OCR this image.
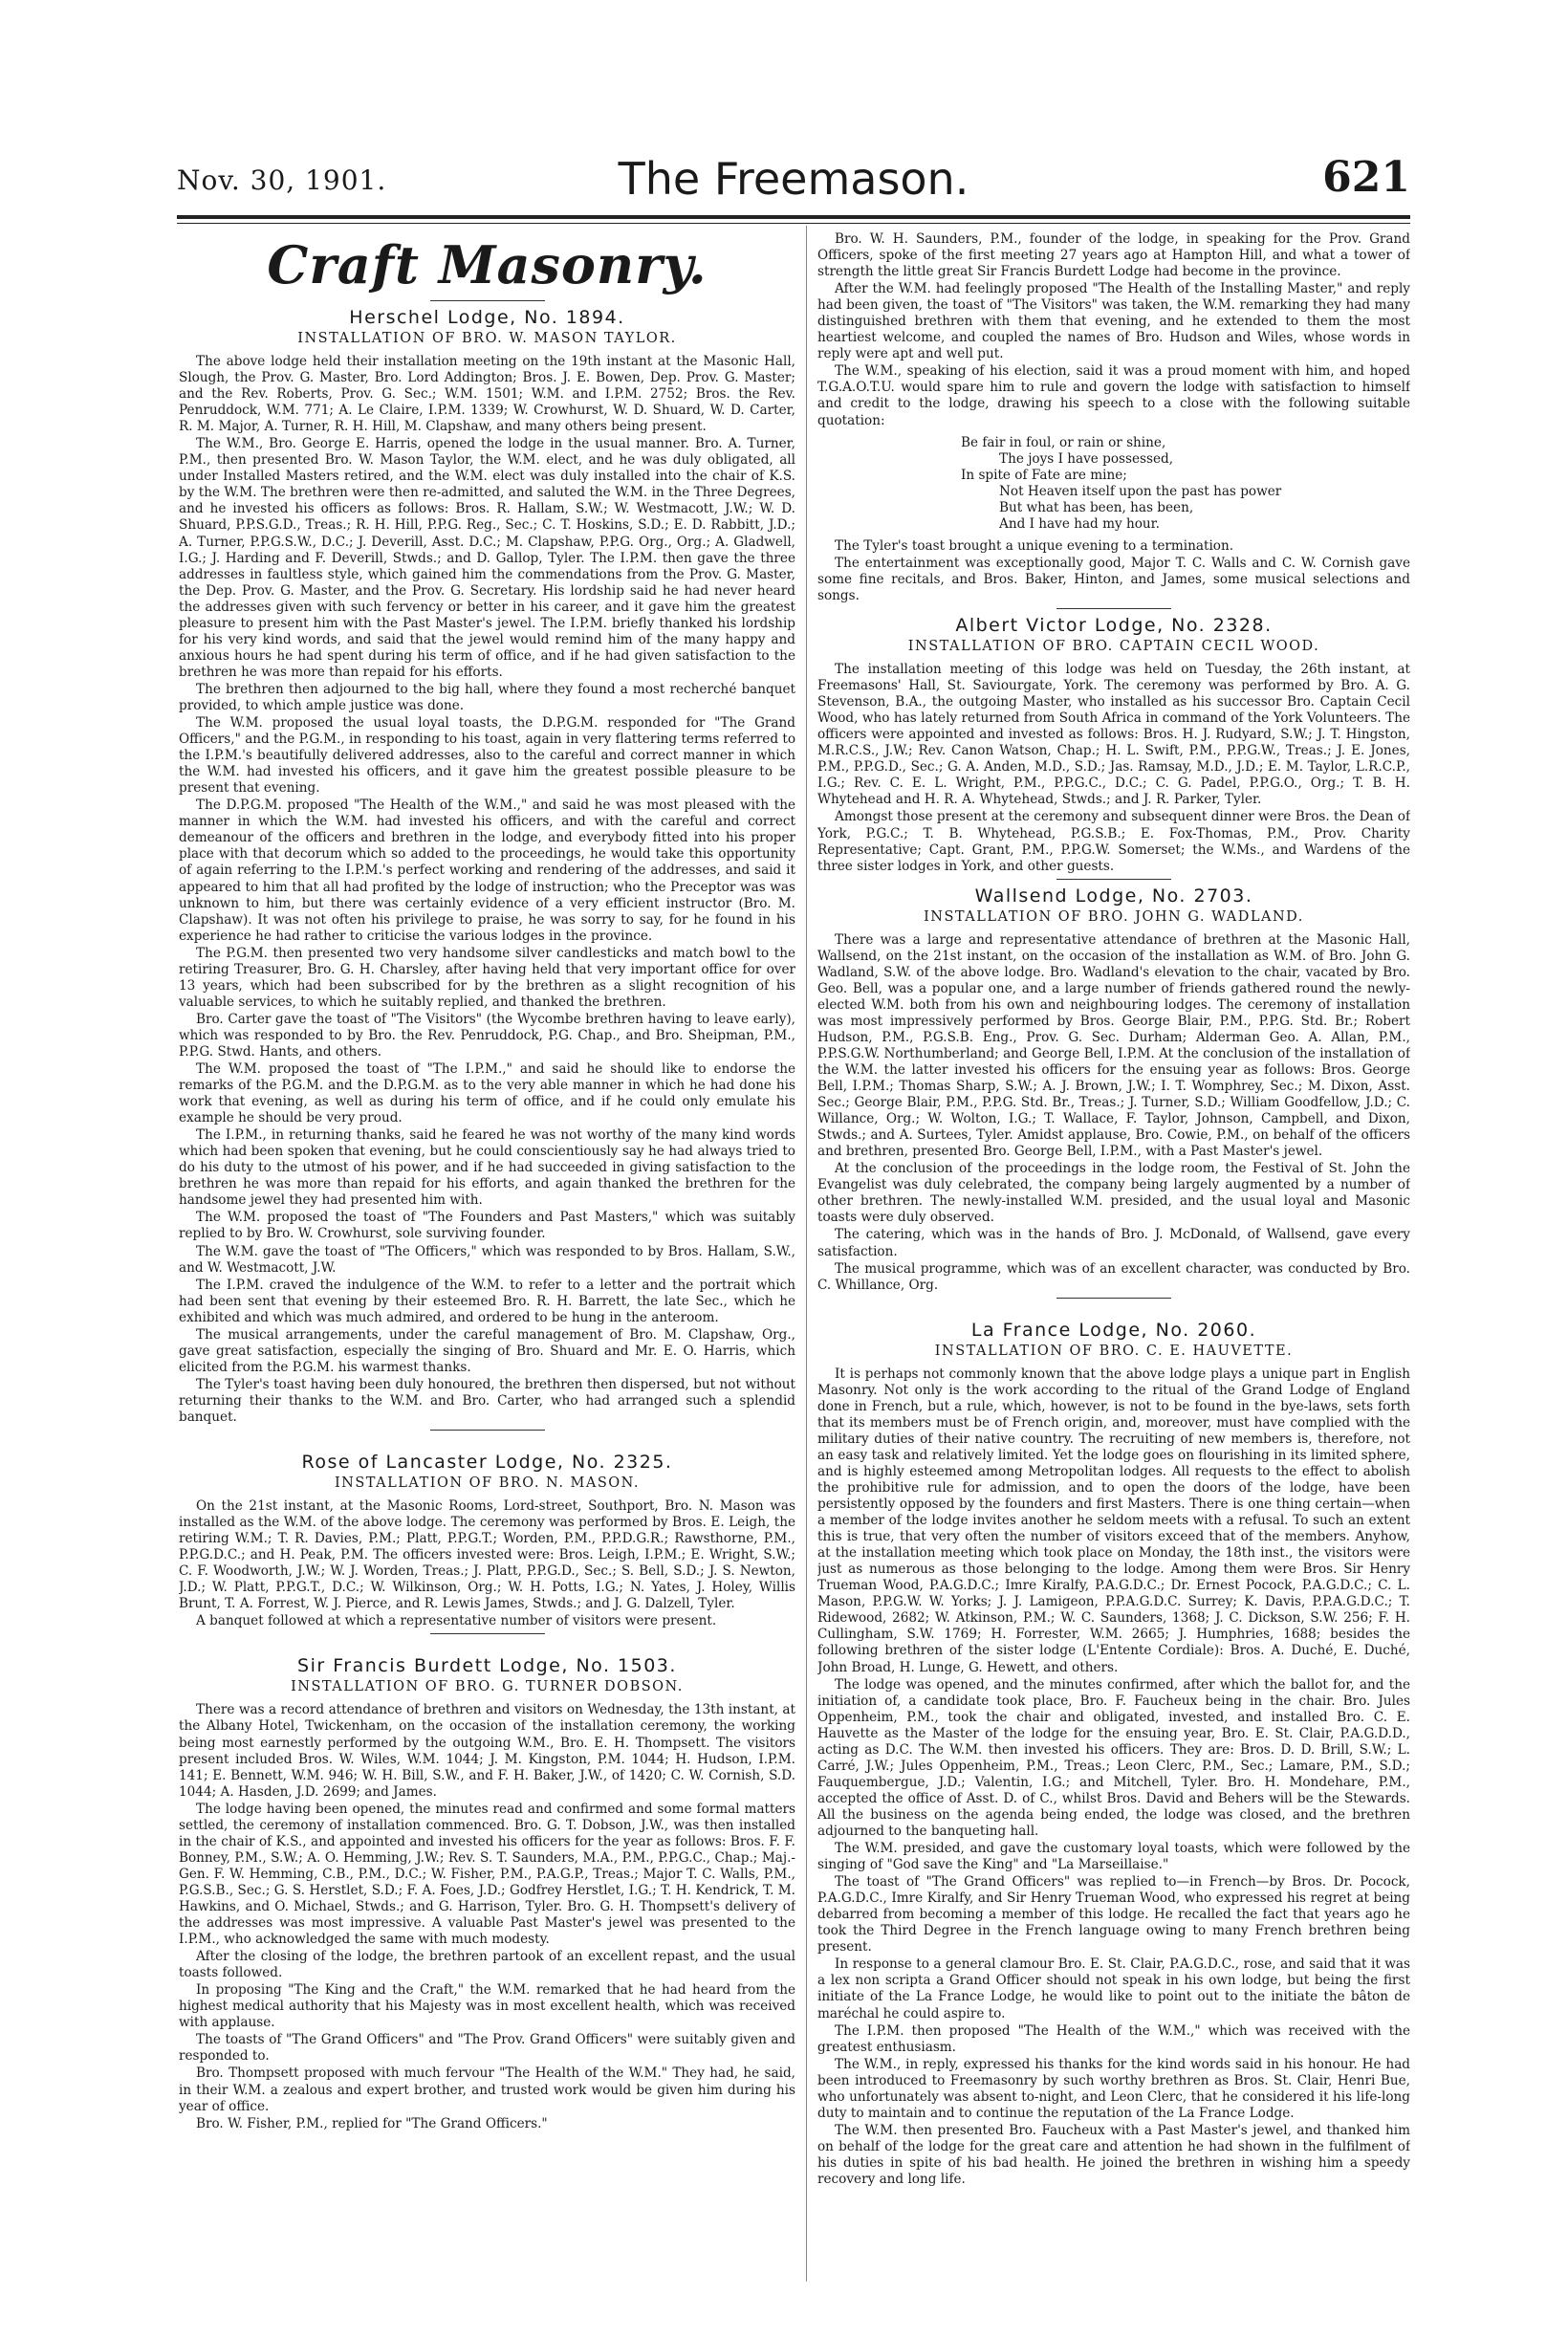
Nov. 30, 1901.	The Freemason.	621
Craft Masonry.
Herschel Lodge, No. 1894.
INSTALLATION OF BRO. W. MASON TAYLOR.

The above lodge held their installation meeting on the 19th instant at the Masonic Hall, Slough, the Prov. G. Master, Bro. Lord Addington; Bros. J. E. Bowen, Dep. Prov. G. Master; and the Rev. Roberts, Prov. G. Sec.; W.M. 1501; W.M. and I.P.M. 2752; Bros. the Rev. Penruddock, W.M. 771; A. Le Claire, I.P.M. 1339; W. Crowhurst, W. D. Shuard, W. D. Carter, R. M. Major, A. Turner, R. H. Hill, M. Clapshaw, and many others being present.

The W.M., Bro. George E. Harris, opened the lodge in the usual manner. Bro. A. Turner, P.M., then presented Bro. W. Mason Taylor, the W.M. elect, and he was duly obligated, all under Installed Masters retired, and the W.M. elect was duly installed into the chair of K.S. by the W.M. The brethren were then re-admitted, and saluted the W.M. in the Three Degrees, and he invested his officers as follows: Bros. R. Hallam, S.W.; W. Westmacott, J.W.; W. D. Shuard, P.P.S.G.D., Treas.; R. H. Hill, P.P.G. Reg., Sec.; C. T. Hoskins, S.D.; E. D. Rabbitt, J.D.; A. Turner, P.P.G.S.W., D.C.; J. Deverill, Asst. D.C.; M. Clapshaw, P.P.G. Org., Org.; A. Gladwell, I.G.; J. Harding and F. Deverill, Stwds.; and D. Gallop, Tyler. The I.P.M. then gave the three addresses in faultless style, which gained him the commendations from the Prov. G. Master, the Dep. Prov. G. Master, and the Prov. G. Secretary. His lordship said he had never heard the addresses given with such fervency or better in his career, and it gave him the greatest pleasure to present him with the Past Master's jewel. The I.P.M. briefly thanked his lordship for his very kind words, and said that the jewel would remind him of the many happy and anxious hours he had spent during his term of office, and if he had given satisfaction to the brethren he was more than repaid for his efforts.

The brethren then adjourned to the big hall, where they found a most recherché banquet provided, to which ample justice was done.

The W.M. proposed the usual loyal toasts, the D.P.G.M. responded for "The Grand Officers," and the P.G.M., in responding to his toast, again in very flattering terms referred to the I.P.M.'s beautifully delivered addresses, also to the careful and correct manner in which the W.M. had invested his officers, and it gave him the greatest possible pleasure to be present that evening.

The D.P.G.M. proposed "The Health of the W.M.," and said he was most pleased with the manner in which the W.M. had invested his officers, and with the careful and correct demeanour of the officers and brethren in the lodge, and everybody fitted into his proper place with that decorum which so added to the proceedings, he would take this opportunity of again referring to the I.P.M.'s perfect working and rendering of the addresses, and said it appeared to him that all had profited by the lodge of instruction; who the Preceptor was was unknown to him, but there was certainly evidence of a very efficient instructor (Bro. M. Clapshaw). It was not often his privilege to praise, he was sorry to say, for he found in his experience he had rather to criticise the various lodges in the province.

The P.G.M. then presented two very handsome silver candlesticks and match bowl to the retiring Treasurer, Bro. G. H. Charsley, after having held that very important office for over 13 years, which had been subscribed for by the brethren as a slight recognition of his valuable services, to which he suitably replied, and thanked the brethren.

Bro. Carter gave the toast of "The Visitors" (the Wycombe brethren having to leave early), which was responded to by Bro. the Rev. Penruddock, P.G. Chap., and Bro. Sheipman, P.M., P.P.G. Stwd. Hants, and others.

The W.M. proposed the toast of "The I.P.M.," and said he should like to endorse the remarks of the P.G.M. and the D.P.G.M. as to the very able manner in which he had done his work that evening, as well as during his term of office, and if he could only emulate his example he should be very proud.

The I.P.M., in returning thanks, said he feared he was not worthy of the many kind words which had been spoken that evening, but he could conscientiously say he had always tried to do his duty to the utmost of his power, and if he had succeeded in giving satisfaction to the brethren he was more than repaid for his efforts, and again thanked the brethren for the handsome jewel they had presented him with.

The W.M. proposed the toast of "The Founders and Past Masters," which was suitably replied to by Bro. W. Crowhurst, sole surviving founder.

The W.M. gave the toast of "The Officers," which was responded to by Bros. Hallam, S.W., and W. Westmacott, J.W.

The I.P.M. craved the indulgence of the W.M. to refer to a letter and the portrait which had been sent that evening by their esteemed Bro. R. H. Barrett, the late Sec., which he exhibited and which was much admired, and ordered to be hung in the anteroom.

The musical arrangements, under the careful management of Bro. M. Clapshaw, Org., gave great satisfaction, especially the singing of Bro. Shuard and Mr. E. O. Harris, which elicited from the P.G.M. his warmest thanks.

The Tyler's toast having been duly honoured, the brethren then dispersed, but not without returning their thanks to the W.M. and Bro. Carter, who had arranged such a splendid banquet.

Rose of Lancaster Lodge, No. 2325.
INSTALLATION OF BRO. N. MASON.

On the 21st instant, at the Masonic Rooms, Lord-street, Southport, Bro. N. Mason was installed as the W.M. of the above lodge. The ceremony was performed by Bros. E. Leigh, the retiring W.M.; T. R. Davies, P.M.; Platt, P.P.G.T.; Worden, P.M., P.P.D.G.R.; Rawsthorne, P.M., P.P.G.D.C.; and H. Peak, P.M. The officers invested were: Bros. Leigh, I.P.M.; E. Wright, S.W.; C. F. Woodworth, J.W.; W. J. Worden, Treas.; J. Platt, P.P.G.D., Sec.; S. Bell, S.D.; J. S. Newton, J.D.; W. Platt, P.P.G.T., D.C.; W. Wilkinson, Org.; W. H. Potts, I.G.; N. Yates, J. Holey, Willis Brunt, T. A. Forrest, W. J. Pierce, and R. Lewis James, Stwds.; and J. G. Dalzell, Tyler.

A banquet followed at which a representative number of visitors were present.

Sir Francis Burdett Lodge, No. 1503.
INSTALLATION OF BRO. G. TURNER DOBSON.

There was a record attendance of brethren and visitors on Wednesday, the 13th instant, at the Albany Hotel, Twickenham, on the occasion of the installation ceremony, the working being most earnestly performed by the outgoing W.M., Bro. E. H. Thompsett. The visitors present included Bros. W. Wiles, W.M. 1044; J. M. Kingston, P.M. 1044; H. Hudson, I.P.M. 141; E. Bennett, W.M. 946; W. H. Bill, S.W., and F. H. Baker, J.W., of 1420; C. W. Cornish, S.D. 1044; A. Hasden, J.D. 2699; and James.

The lodge having been opened, the minutes read and confirmed and some formal matters settled, the ceremony of installation commenced. Bro. G. T. Dobson, J.W., was then installed in the chair of K.S., and appointed and invested his officers for the year as follows: Bros. F. F. Bonney, P.M., S.W.; A. O. Hemming, J.W.; Rev. S. T. Saunders, M.A., P.M., P.P.G.C., Chap.; Maj.-Gen. F. W. Hemming, C.B., P.M., D.C.; W. Fisher, P.M., P.A.G.P., Treas.; Major T. C. Walls, P.M., P.G.S.B., Sec.; G. S. Herstlet, S.D.; F. A. Foes, J.D.; Godfrey Herstlet, I.G.; T. H. Kendrick, T. M. Hawkins, and O. Michael, Stwds.; and G. Harrison, Tyler. Bro. G. H. Thompsett's delivery of the addresses was most impressive. A valuable Past Master's jewel was presented to the I.P.M., who acknowledged the same with much modesty.

After the closing of the lodge, the brethren partook of an excellent repast, and the usual toasts followed.

In proposing "The King and the Craft," the W.M. remarked that he had heard from the highest medical authority that his Majesty was in most excellent health, which was received with applause.

The toasts of "The Grand Officers" and "The Prov. Grand Officers" were suitably given and responded to.

Bro. Thompsett proposed with much fervour "The Health of the W.M." They had, he said, in their W.M. a zealous and expert brother, and trusted work would be given him during his year of office.

Bro. W. Fisher, P.M., replied for "The Grand Officers."

Bro. W. H. Saunders, P.M., founder of the lodge, in speaking for the Prov. Grand Officers, spoke of the first meeting 27 years ago at Hampton Hill, and what a tower of strength the little great Sir Francis Burdett Lodge had become in the province.

After the W.M. had feelingly proposed "The Health of the Installing Master," and reply had been given, the toast of "The Visitors" was taken, the W.M. remarking they had many distinguished brethren with them that evening, and he extended to them the most heartiest welcome, and coupled the names of Bro. Hudson and Wiles, whose words in reply were apt and well put.

The W.M., speaking of his election, said it was a proud moment with him, and hoped T.G.A.O.T.U. would spare him to rule and govern the lodge with satisfaction to himself and credit to the lodge, drawing his speech to a close with the following suitable quotation:

Be fair in foul, or rain or shine,
The joys I have possessed,
In spite of Fate are mine;
Not Heaven itself upon the past has power
But what has been, has been,
And I have had my hour.

The Tyler's toast brought a unique evening to a termination.

The entertainment was exceptionally good, Major T. C. Walls and C. W. Cornish gave some fine recitals, and Bros. Baker, Hinton, and James, some musical selections and songs.

Albert Victor Lodge, No. 2328.
INSTALLATION OF BRO. CAPTAIN CECIL WOOD.

The installation meeting of this lodge was held on Tuesday, the 26th instant, at Freemasons' Hall, St. Saviourgate, York. The ceremony was performed by Bro. A. G. Stevenson, B.A., the outgoing Master, who installed as his successor Bro. Captain Cecil Wood, who has lately returned from South Africa in command of the York Volunteers. The officers were appointed and invested as follows: Bros. H. J. Rudyard, S.W.; J. T. Hingston, M.R.C.S., J.W.; Rev. Canon Watson, Chap.; H. L. Swift, P.M., P.P.G.W., Treas.; J. E. Jones, P.M., P.P.G.D., Sec.; G. A. Anden, M.D., S.D.; Jas. Ramsay, M.D., J.D.; E. M. Taylor, L.R.C.P., I.G.; Rev. C. E. L. Wright, P.M., P.P.G.C., D.C.; C. G. Padel, P.P.G.O., Org.; T. B. H. Whytehead and H. R. A. Whytehead, Stwds.; and J. R. Parker, Tyler.

Amongst those present at the ceremony and subsequent dinner were Bros. the Dean of York, P.G.C.; T. B. Whytehead, P.G.S.B.; E. Fox-Thomas, P.M., Prov. Charity Representative; Capt. Grant, P.M., P.P.G.W. Somerset; the W.Ms., and Wardens of the three sister lodges in York, and other guests.

Wallsend Lodge, No. 2703.
INSTALLATION OF BRO. JOHN G. WADLAND.

There was a large and representative attendance of brethren at the Masonic Hall, Wallsend, on the 21st instant, on the occasion of the installation as W.M. of Bro. John G. Wadland, S.W. of the above lodge. Bro. Wadland's elevation to the chair, vacated by Bro. Geo. Bell, was a popular one, and a large number of friends gathered round the newly-elected W.M. both from his own and neighbouring lodges. The ceremony of installation was most impressively performed by Bros. George Blair, P.M., P.P.G. Std. Br.; Robert Hudson, P.M., P.G.S.B. Eng., Prov. G. Sec. Durham; Alderman Geo. A. Allan, P.M., P.P.S.G.W. Northumberland; and George Bell, I.P.M. At the conclusion of the installation of the W.M. the latter invested his officers for the ensuing year as follows: Bros. George Bell, I.P.M.; Thomas Sharp, S.W.; A. J. Brown, J.W.; I. T. Womphrey, Sec.; M. Dixon, Asst. Sec.; George Blair, P.M., P.P.G. Std. Br., Treas.; J. Turner, S.D.; William Goodfellow, J.D.; C. Willance, Org.; W. Wolton, I.G.; T. Wallace, F. Taylor, Johnson, Campbell, and Dixon, Stwds.; and A. Surtees, Tyler. Amidst applause, Bro. Cowie, P.M., on behalf of the officers and brethren, presented Bro. George Bell, I.P.M., with a Past Master's jewel.

At the conclusion of the proceedings in the lodge room, the Festival of St. John the Evangelist was duly celebrated, the company being largely augmented by a number of other brethren. The newly-installed W.M. presided, and the usual loyal and Masonic toasts were duly observed.

The catering, which was in the hands of Bro. J. McDonald, of Wallsend, gave every satisfaction.

The musical programme, which was of an excellent character, was conducted by Bro. C. Whillance, Org.

La France Lodge, No. 2060.
INSTALLATION OF BRO. C. E. HAUVETTE.

It is perhaps not commonly known that the above lodge plays a unique part in English Masonry. Not only is the work according to the ritual of the Grand Lodge of England done in French, but a rule, which, however, is not to be found in the bye-laws, sets forth that its members must be of French origin, and, moreover, must have complied with the military duties of their native country. The recruiting of new members is, therefore, not an easy task and relatively limited. Yet the lodge goes on flourishing in its limited sphere, and is highly esteemed among Metropolitan lodges. All requests to the effect to abolish the prohibitive rule for admission, and to open the doors of the lodge, have been persistently opposed by the founders and first Masters. There is one thing certain—when a member of the lodge invites another he seldom meets with a refusal. To such an extent this is true, that very often the number of visitors exceed that of the members. Anyhow, at the installation meeting which took place on Monday, the 18th inst., the visitors were just as numerous as those belonging to the lodge. Among them were Bros. Sir Henry Trueman Wood, P.A.G.D.C.; Imre Kiralfy, P.A.G.D.C.; Dr. Ernest Pocock, P.A.G.D.C.; C. L. Mason, P.P.G.W. W. Yorks; J. J. Lamigeon, P.P.A.G.D.C. Surrey; K. Davis, P.P.A.G.D.C.; T. Ridewood, 2682; W. Atkinson, P.M.; W. C. Saunders, 1368; J. C. Dickson, S.W. 256; F. H. Cullingham, S.W. 1769; H. Forrester, W.M. 2665; J. Humphries, 1688; besides the following brethren of the sister lodge (L'Entente Cordiale): Bros. A. Duché, E. Duché, John Broad, H. Lunge, G. Hewett, and others.

The lodge was opened, and the minutes confirmed, after which the ballot for, and the initiation of, a candidate took place, Bro. F. Faucheux being in the chair. Bro. Jules Oppenheim, P.M., took the chair and obligated, invested, and installed Bro. C. E. Hauvette as the Master of the lodge for the ensuing year, Bro. E. St. Clair, P.A.G.D.D., acting as D.C. The W.M. then invested his officers. They are: Bros. D. D. Brill, S.W.; L. Carré, J.W.; Jules Oppenheim, P.M., Treas.; Leon Clerc, P.M., Sec.; Lamare, P.M., S.D.; Fauquembergue, J.D.; Valentin, I.G.; and Mitchell, Tyler. Bro. H. Mondehare, P.M., accepted the office of Asst. D. of C., whilst Bros. David and Behers will be the Stewards. All the business on the agenda being ended, the lodge was closed, and the brethren adjourned to the banqueting hall.

The W.M. presided, and gave the customary loyal toasts, which were followed by the singing of "God save the King" and "La Marseillaise."

The toast of "The Grand Officers" was replied to—in French—by Bros. Dr. Pocock, P.A.G.D.C., Imre Kiralfy, and Sir Henry Trueman Wood, who expressed his regret at being debarred from becoming a member of this lodge. He recalled the fact that years ago he took the Third Degree in the French language owing to many French brethren being present.

In response to a general clamour Bro. E. St. Clair, P.A.G.D.C., rose, and said that it was a lex non scripta a Grand Officer should not speak in his own lodge, but being the first initiate of the La France Lodge, he would like to point out to the initiate the bâton de maréchal he could aspire to.

The I.P.M. then proposed "The Health of the W.M.," which was received with the greatest enthusiasm.

The W.M., in reply, expressed his thanks for the kind words said in his honour. He had been introduced to Freemasonry by such worthy brethren as Bros. St. Clair, Henri Bue, who unfortunately was absent to-night, and Leon Clerc, that he considered it his life-long duty to maintain and to continue the reputation of the La France Lodge.

The W.M. then presented Bro. Faucheux with a Past Master's jewel, and thanked him on behalf of the lodge for the great care and attention he had shown in the fulfilment of his duties in spite of his bad health. He joined the brethren in wishing him a speedy recovery and long life.
